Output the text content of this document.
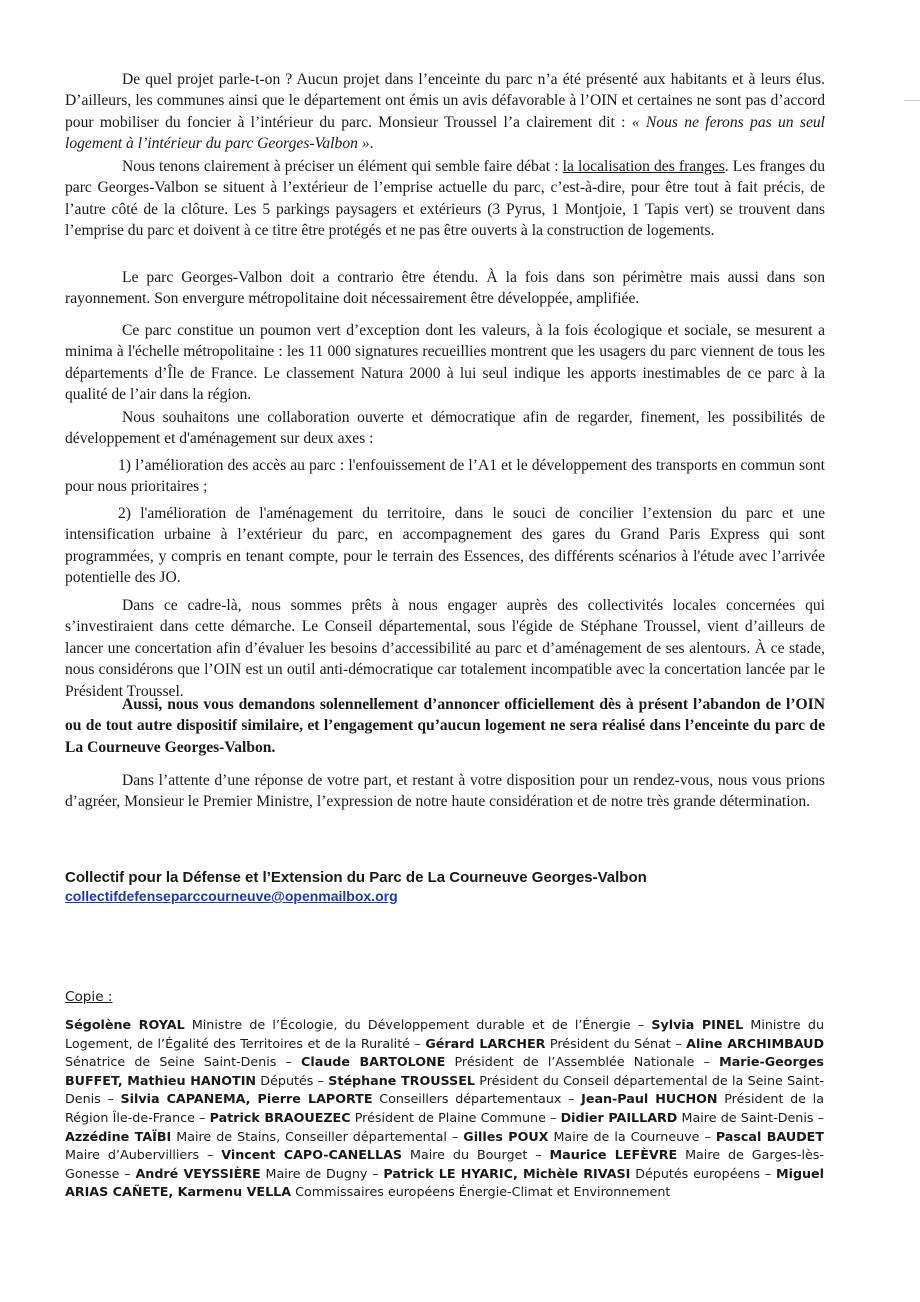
De quel projet parle-t-on ? Aucun projet dans l’enceinte du parc n’a été présenté aux habitants et à leurs élus. D’ailleurs, les communes ainsi que le département ont émis un avis défavorable à l’OIN et certaines ne sont pas d’accord pour mobiliser du foncier à l’intérieur du parc. Monsieur Troussel l’a clairement dit : « Nous ne ferons pas un seul logement à l’intérieur du parc Georges-Valbon ».

Nous tenons clairement à préciser un élément qui semble faire débat : la localisation des franges. Les franges du parc Georges-Valbon se situent à l’extérieur de l’emprise actuelle du parc, c’est-à-dire, pour être tout à fait précis, de l’autre côté de la clôture. Les 5 parkings paysagers et extérieurs (3 Pyrus, 1 Montjoie, 1 Tapis vert) se trouvent dans l’emprise du parc et doivent à ce titre être protégés et ne pas être ouverts à la construction de logements.

Le parc Georges-Valbon doit a contrario être étendu. À la fois dans son périmètre mais aussi dans son rayonnement. Son envergure métropolitaine doit nécessairement être développée, amplifiée.

Ce parc constitue un poumon vert d’exception dont les valeurs, à la fois écologique et sociale, se mesurent a minima à l'échelle métropolitaine : les 11 000 signatures recueillies montrent que les usagers du parc viennent de tous les départements d’Île de France. Le classement Natura 2000 à lui seul indique les apports inestimables de ce parc à la qualité de l’air dans la région.

Nous souhaitons une collaboration ouverte et démocratique afin de regarder, finement, les possibilités de développement et d'aménagement sur deux axes :

1) l’amélioration des accès au parc : l'enfouissement de l’A1 et le développement des transports en commun sont pour nous prioritaires ;

2) l'amélioration de l'aménagement du territoire, dans le souci de concilier l’extension du parc et une intensification urbaine à l’extérieur du parc, en accompagnement des gares du Grand Paris Express qui sont programmées, y compris en tenant compte, pour le terrain des Essences, des différents scénarios à l'étude avec l’arrivée potentielle des JO.

Dans ce cadre-là, nous sommes prêts à nous engager auprès des collectivités locales concernées qui s’investiraient dans cette démarche. Le Conseil départemental, sous l'égide de Stéphane Troussel, vient d’ailleurs de lancer une concertation afin d’évaluer les besoins d’accessibilité au parc et d’aménagement de ses alentours. À ce stade, nous considérons que l’OIN est un outil anti-démocratique car totalement incompatible avec la concertation lancée par le Président Troussel.

Aussi, nous vous demandons solennellement d’annoncer officiellement dès à présent l’abandon de l’OIN ou de tout autre dispositif similaire, et l’engagement qu’aucun logement ne sera réalisé dans l’enceinte du parc de La Courneuve Georges-Valbon.

Dans l’attente d’une réponse de votre part, et restant à votre disposition pour un rendez-vous, nous vous prions d’agréer, Monsieur le Premier Ministre, l’expression de notre haute considération et de notre très grande détermination.

Collectif pour la Défense et l’Extension du Parc de La Courneuve Georges-Valbon

collectifdefenseparccourneuve@openmailbox.org

Copie :

Ségolène ROYAL Ministre de l’Écologie, du Développement durable et de l’Énergie – Sylvia PINEL Ministre du Logement, de l’Égalité des Territoires et de la Ruralité – Gérard LARCHER Président du Sénat – Aline ARCHIMBAUD Sénatrice de Seine Saint-Denis – Claude BARTOLONE Président de l’Assemblée Nationale – Marie-Georges BUFFET, Mathieu HANOTIN Députés – Stéphane TROUSSEL Président du Conseil départemental de la Seine Saint-Denis – Silvia CAPANEMA, Pierre LAPORTE Conseillers départementaux – Jean-Paul HUCHON Président de la Région Île-de-France – Patrick BRAOUEZEC Président de Plaine Commune – Didier PAILLARD Maire de Saint-Denis – Azzédine TAÏBI Maire de Stains, Conseiller départemental – Gilles POUX Maire de la Courneuve – Pascal BAUDET Maire d’Aubervilliers – Vincent CAPO-CANELLAS Maire du Bourget – Maurice LEFÈVRE Maire de Garges-lès-Gonesse – André VEYSSIÈRE Maire de Dugny – Patrick LE HYARIC, Michèle RIVASI Députés européens – Miguel ARIAS CAÑETE, Karmenu VELLA Commissaires européens Énergie-Climat et Environnement
